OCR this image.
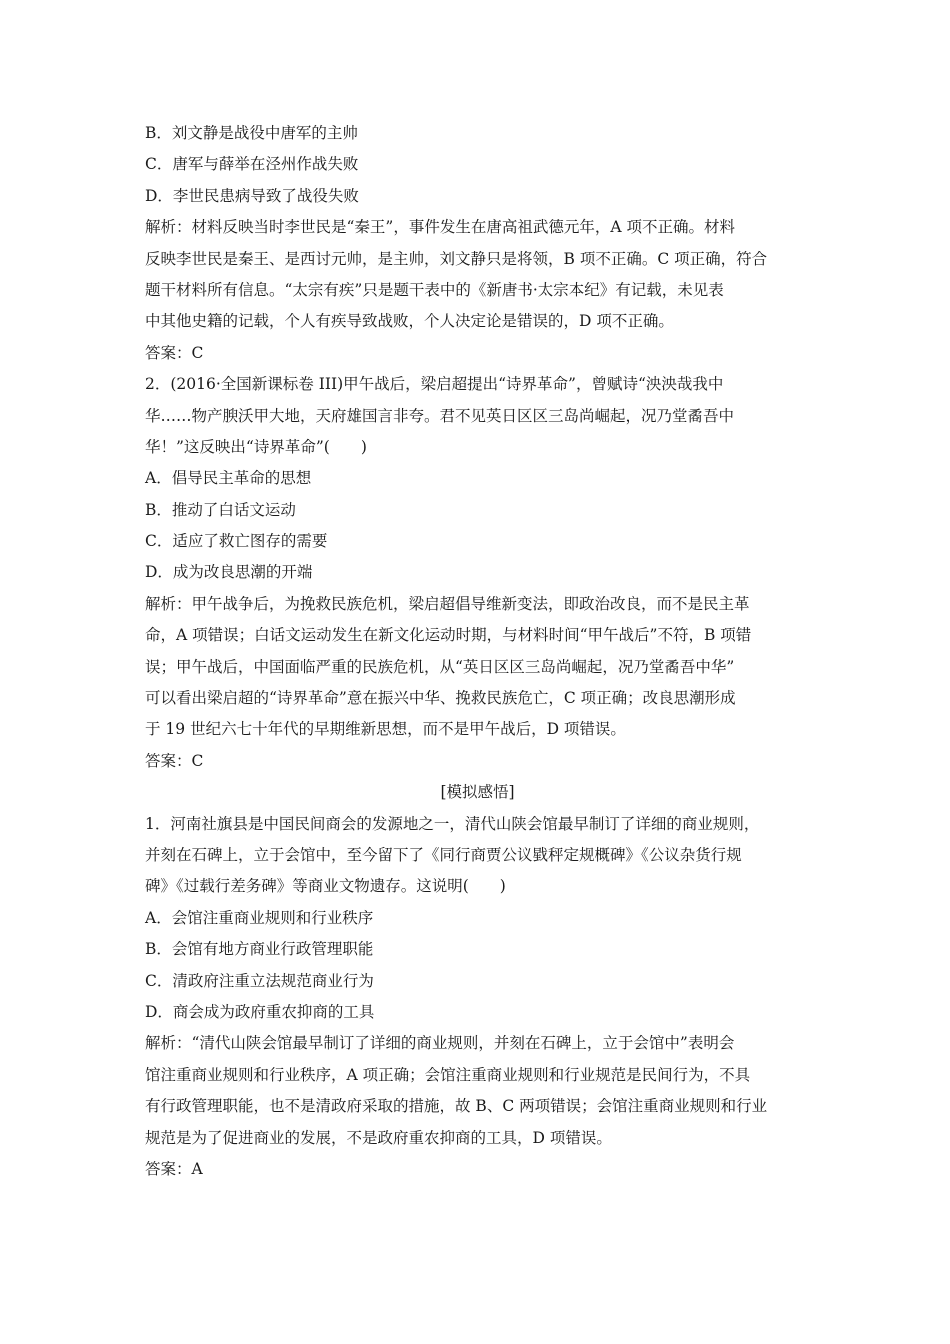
B．刘文静是战役中唐军的主帅
C．唐军与薛举在泾州作战失败
D．李世民患病导致了战役失败
解析：材料反映当时李世民是“秦王”，事件发生在唐高祖武德元年，A 项不正确。材料
反映李世民是秦王、是西讨元帅，是主帅，刘文静只是将领，B 项不正确。C 项正确，符合
题干材料所有信息。“太宗有疾”只是题干表中的《新唐书·太宗本纪》有记载，未见表
中其他史籍的记载，个人有疾导致战败，个人决定论是错误的，D 项不正确。
答案：C
2．(2016·全国新课标卷 III)甲午战后，梁启超提出“诗界革命”，曾赋诗“泱泱哉我中
华……物产腴沃甲大地，天府雄国言非夸。君不见英日区区三岛尚崛起，况乃堂矞吾中
华！”这反映出“诗界革命”(　　)
A．倡导民主革命的思想
B．推动了白话文运动
C．适应了救亡图存的需要
D．成为改良思潮的开端
解析：甲午战争后，为挽救民族危机，梁启超倡导维新变法，即政治改良，而不是民主革
命，A 项错误；白话文运动发生在新文化运动时期，与材料时间“甲午战后”不符，B 项错
误；甲午战后，中国面临严重的民族危机，从“英日区区三岛尚崛起，况乃堂矞吾中华”
可以看出梁启超的“诗界革命”意在振兴中华、挽救民族危亡，C 项正确；改良思潮形成
于 19 世纪六七十年代的早期维新思想，而不是甲午战后，D 项错误。
答案：C
[模拟感悟]
1．河南社旗县是中国民间商会的发源地之一，清代山陕会馆最早制订了详细的商业规则，
并刻在石碑上，立于会馆中，至今留下了《同行商贾公议戥秤定规概碑》《公议杂货行规
碑》《过载行差务碑》等商业文物遗存。这说明(　　)
A．会馆注重商业规则和行业秩序
B．会馆有地方商业行政管理职能
C．清政府注重立法规范商业行为
D．商会成为政府重农抑商的工具
解析：“清代山陕会馆最早制订了详细的商业规则，并刻在石碑上，立于会馆中”表明会
馆注重商业规则和行业秩序，A 项正确；会馆注重商业规则和行业规范是民间行为，不具
有行政管理职能，也不是清政府采取的措施，故 B、C 两项错误；会馆注重商业规则和行业
规范是为了促进商业的发展，不是政府重农抑商的工具，D 项错误。
答案：A
